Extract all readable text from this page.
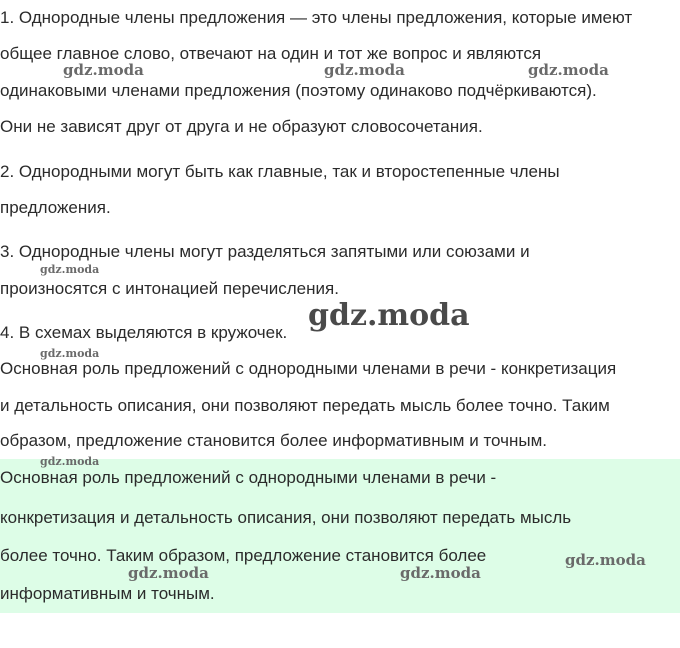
1. Однородные члены предложения — это члены предложения, которые имеют

общее главное слово, отвечают на один и тот же вопрос и являются

одинаковыми членами предложения (поэтому одинаково подчёркиваются).

Они не зависят друг от друга и не образуют словосочетания.

2. Однородными могут быть как главные, так и второстепенные члены

предложения.

3. Однородные члены могут разделяться запятыми или союзами и

произносятся с интонацией перечисления.

4. В схемах выделяются в кружочек.

Основная роль предложений с однородными членами в речи - конкретизация

и детальность описания, они позволяют передать мысль более точно. Таким

образом, предложение становится более информативным и точным.

Основная роль предложений с однородными членами в речи -

конкретизация и детальность описания, они позволяют передать мысль

более точно. Таким образом, предложение становится более

информативным и точным.

gdz.moda	gdz.moda	gdz.moda
gdz.moda
gdz.moda
gdz.moda
gdz.moda
gdz.moda
gdz.moda	gdz.moda
